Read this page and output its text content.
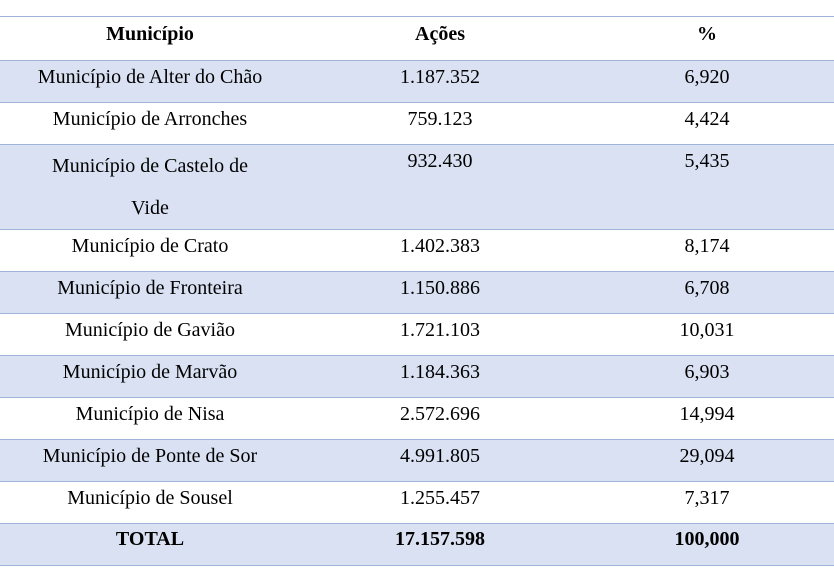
Município	Ações	%
Município de Alter do Chão	1.187.352	6,920
Município de Arronches	759.123	4,424
Município de Castelo de Vide	932.430	5,435
Município de Crato	1.402.383	8,174
Município de Fronteira	1.150.886	6,708
Município de Gavião	1.721.103	10,031
Município de Marvão	1.184.363	6,903
Município de Nisa	2.572.696	14,994
Município de Ponte de Sor	4.991.805	29,094
Município de Sousel	1.255.457	7,317
TOTAL	17.157.598	100,000
